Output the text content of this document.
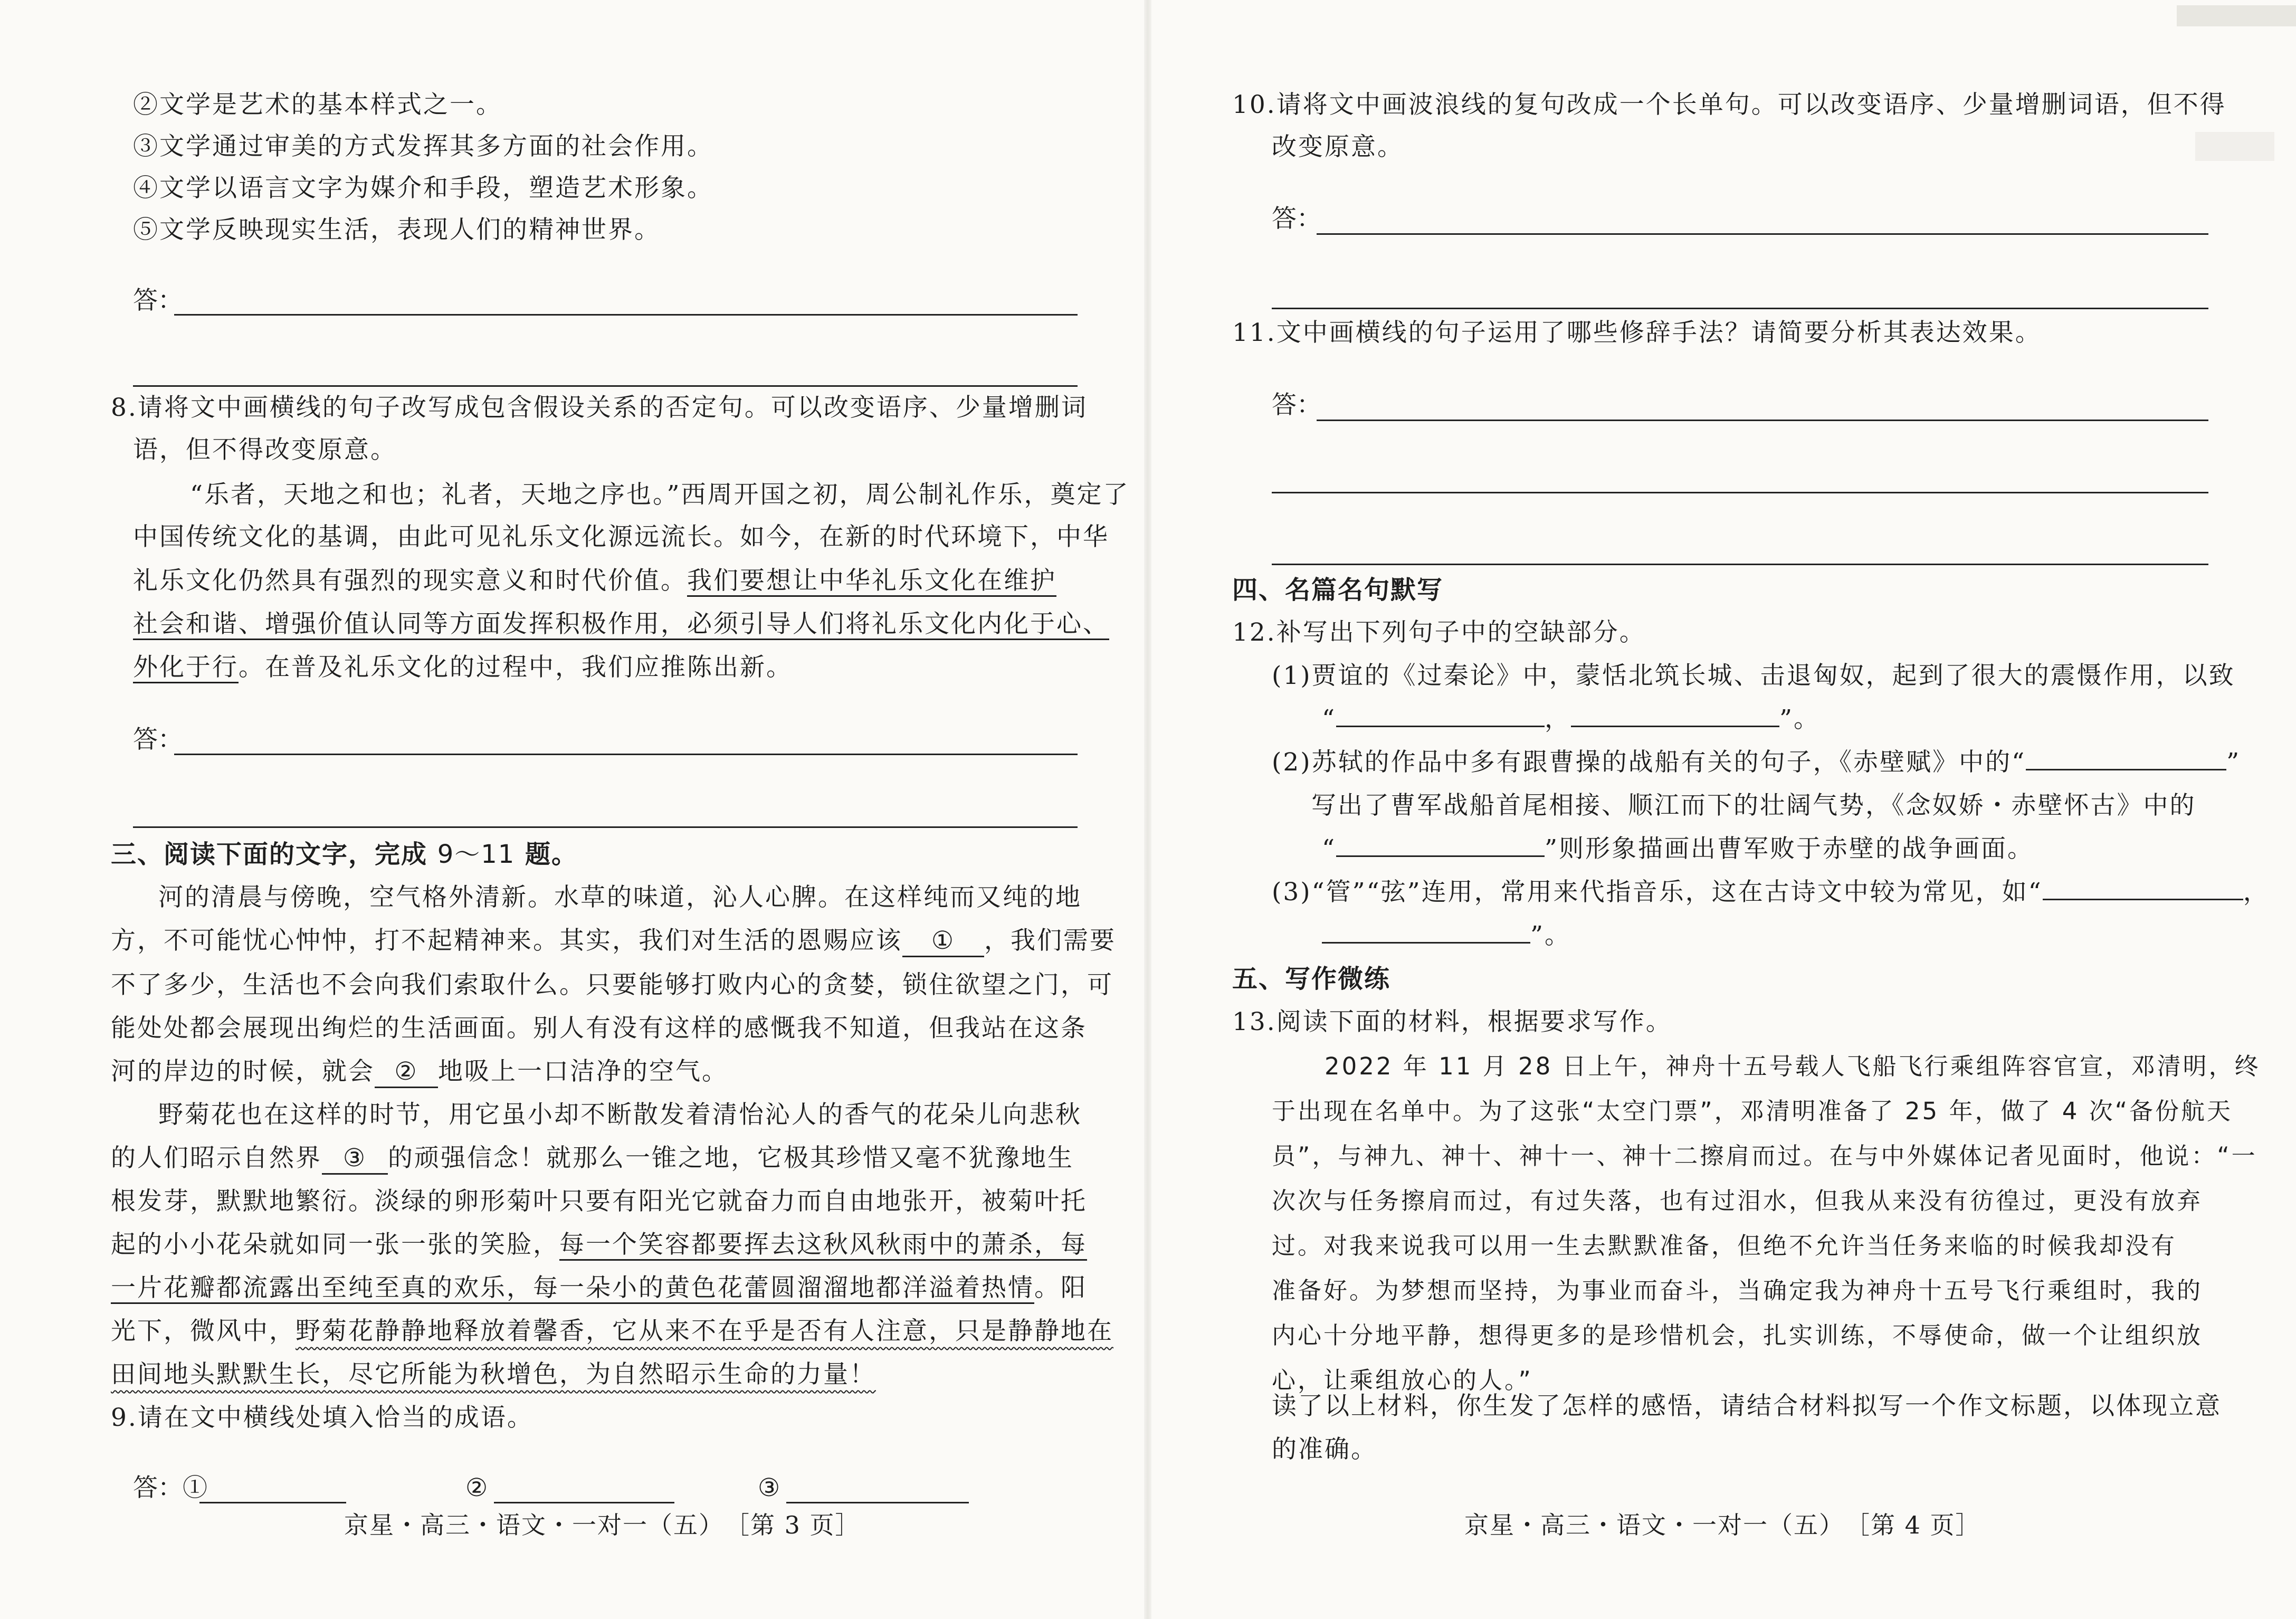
②文学是艺术的基本样式之一。
③文学通过审美的方式发挥其多方面的社会作用。
④文学以语言文字为媒介和手段，塑造艺术形象。
⑤文学反映现实生活，表现人们的精神世界。
答：
8.请将文中画横线的句子改写成包含假设关系的否定句。可以改变语序、少量增删词
语，但不得改变原意。
“乐者，天地之和也；礼者，天地之序也。”西周开国之初，周公制礼作乐，奠定了
中国传统文化的基调，由此可见礼乐文化源远流长。如今，在新的时代环境下，中华
礼乐文化仍然具有强烈的现实意义和时代价值。我们要想让中华礼乐文化在维护
社会和谐、增强价值认同等方面发挥积极作用，必须引导人们将礼乐文化内化于心、
外化于行。在普及礼乐文化的过程中，我们应推陈出新。
答：
三、阅读下面的文字，完成 9～11 题。
河的清晨与傍晚，空气格外清新。水草的味道，沁人心脾。在这样纯而又纯的地
方，不可能忧心忡忡，打不起精神来。其实，我们对生活的恩赐应该 ① ，我们需要
不了多少，生活也不会向我们索取什么。只要能够打败内心的贪婪，锁住欲望之门，可
能处处都会展现出绚烂的生活画面。别人有没有这样的感慨我不知道，但我站在这条
河的岸边的时候，就会 ② 地吸上一口洁净的空气。
野菊花也在这样的时节，用它虽小却不断散发着清怡沁人的香气的花朵儿向悲秋
的人们昭示自然界 ③ 的顽强信念！就那么一锥之地，它极其珍惜又毫不犹豫地生
根发芽，默默地繁衍。淡绿的卵形菊叶只要有阳光它就奋力而自由地张开，被菊叶托
起的小小花朵就如同一张一张的笑脸，每一个笑容都要挥去这秋风秋雨中的萧杀，每
一片花瓣都流露出至纯至真的欢乐，每一朵小的黄色花蕾圆溜溜地都洋溢着热情。阳
光下，微风中，野菊花静静地释放着馨香，它从来不在乎是否有人注意，只是静静地在
田间地头默默生长，尽它所能为秋增色，为自然昭示生命的力量！
9.请在文中横线处填入恰当的成语。
答：①	②	③
京星・高三・语文・一对一（五）　［第 3 页］
10.请将文中画波浪线的复句改成一个长单句。可以改变语序、少量增删词语，但不得
改变原意。
答：
11.文中画横线的句子运用了哪些修辞手法？请简要分析其表达效果。
答：
四、名篇名句默写
12.补写出下列句子中的空缺部分。
(1)贾谊的《过秦论》中，蒙恬北筑长城、击退匈奴，起到了很大的震慑作用，以致
“	，	”。
(2)苏轼的作品中多有跟曹操的战船有关的句子，《赤壁赋》中的“	”
写出了曹军战船首尾相接、顺江而下的壮阔气势，《念奴娇・赤壁怀古》中的
“	”则形象描画出曹军败于赤壁的战争画面。
(3)“管”“弦”连用，常用来代指音乐，这在古诗文中较为常见，如“	，
”。
五、写作微练
13.阅读下面的材料，根据要求写作。
2022 年 11 月 28 日上午，神舟十五号载人飞船飞行乘组阵容官宣，邓清明，终
于出现在名单中。为了这张“太空门票”，邓清明准备了 25 年，做了 4 次“备份航天
员”，与神九、神十、神十一、神十二擦肩而过。在与中外媒体记者见面时，他说：“一
次次与任务擦肩而过，有过失落，也有过泪水，但我从来没有彷徨过，更没有放弃
过。对我来说我可以用一生去默默准备，但绝不允许当任务来临的时候我却没有
准备好。为梦想而坚持，为事业而奋斗，当确定我为神舟十五号飞行乘组时，我的
内心十分地平静，想得更多的是珍惜机会，扎实训练，不辱使命，做一个让组织放
心，让乘组放心的人。”
读了以上材料，你生发了怎样的感悟，请结合材料拟写一个作文标题，以体现立意
的准确。
京星・高三・语文・一对一（五）　［第 4 页］
